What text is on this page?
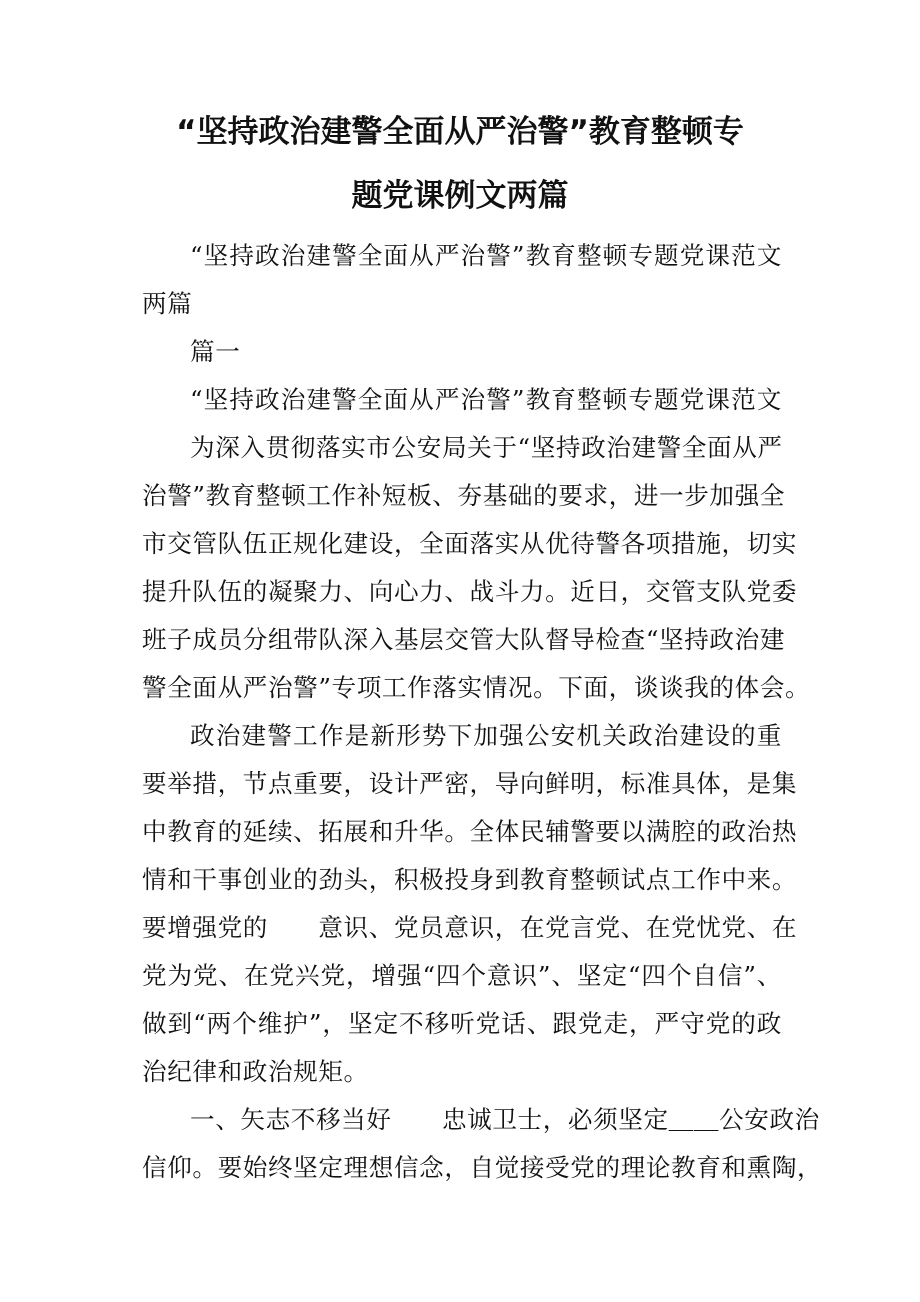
“坚持政治建警全面从严治警”教育整顿专
题党课例文两篇
“坚持政治建警全面从严治警”教育整顿专题党课范文
两篇
篇一
“坚持政治建警全面从严治警”教育整顿专题党课范文
为深入贯彻落实市公安局关于“坚持政治建警全面从严
治警”教育整顿工作补短板、夯基础的要求，进一步加强全
市交管队伍正规化建设，全面落实从优待警各项措施，切实
提升队伍的凝聚力、向心力、战斗力。近日，交管支队党委
班子成员分组带队深入基层交管大队督导检查“坚持政治建
警全面从严治警”专项工作落实情况。下面，谈谈我的体会。
政治建警工作是新形势下加强公安机关政治建设的重
要举措，节点重要，设计严密，导向鲜明，标准具体，是集
中教育的延续、拓展和升华。全体民辅警要以满腔的政治热
情和干事创业的劲头，积极投身到教育整顿试点工作中来。
要增强党的　　意识、党员意识，在党言党、在党忧党、在
党为党、在党兴党，增强“四个意识”、坚定“四个自信”、
做到“两个维护”，坚定不移听党话、跟党走，严守党的政
治纪律和政治规矩。
一、矢志不移当好　　忠诚卫士，必须坚定＿＿公安政治
信仰。要始终坚定理想信念，自觉接受党的理论教育和熏陶，
